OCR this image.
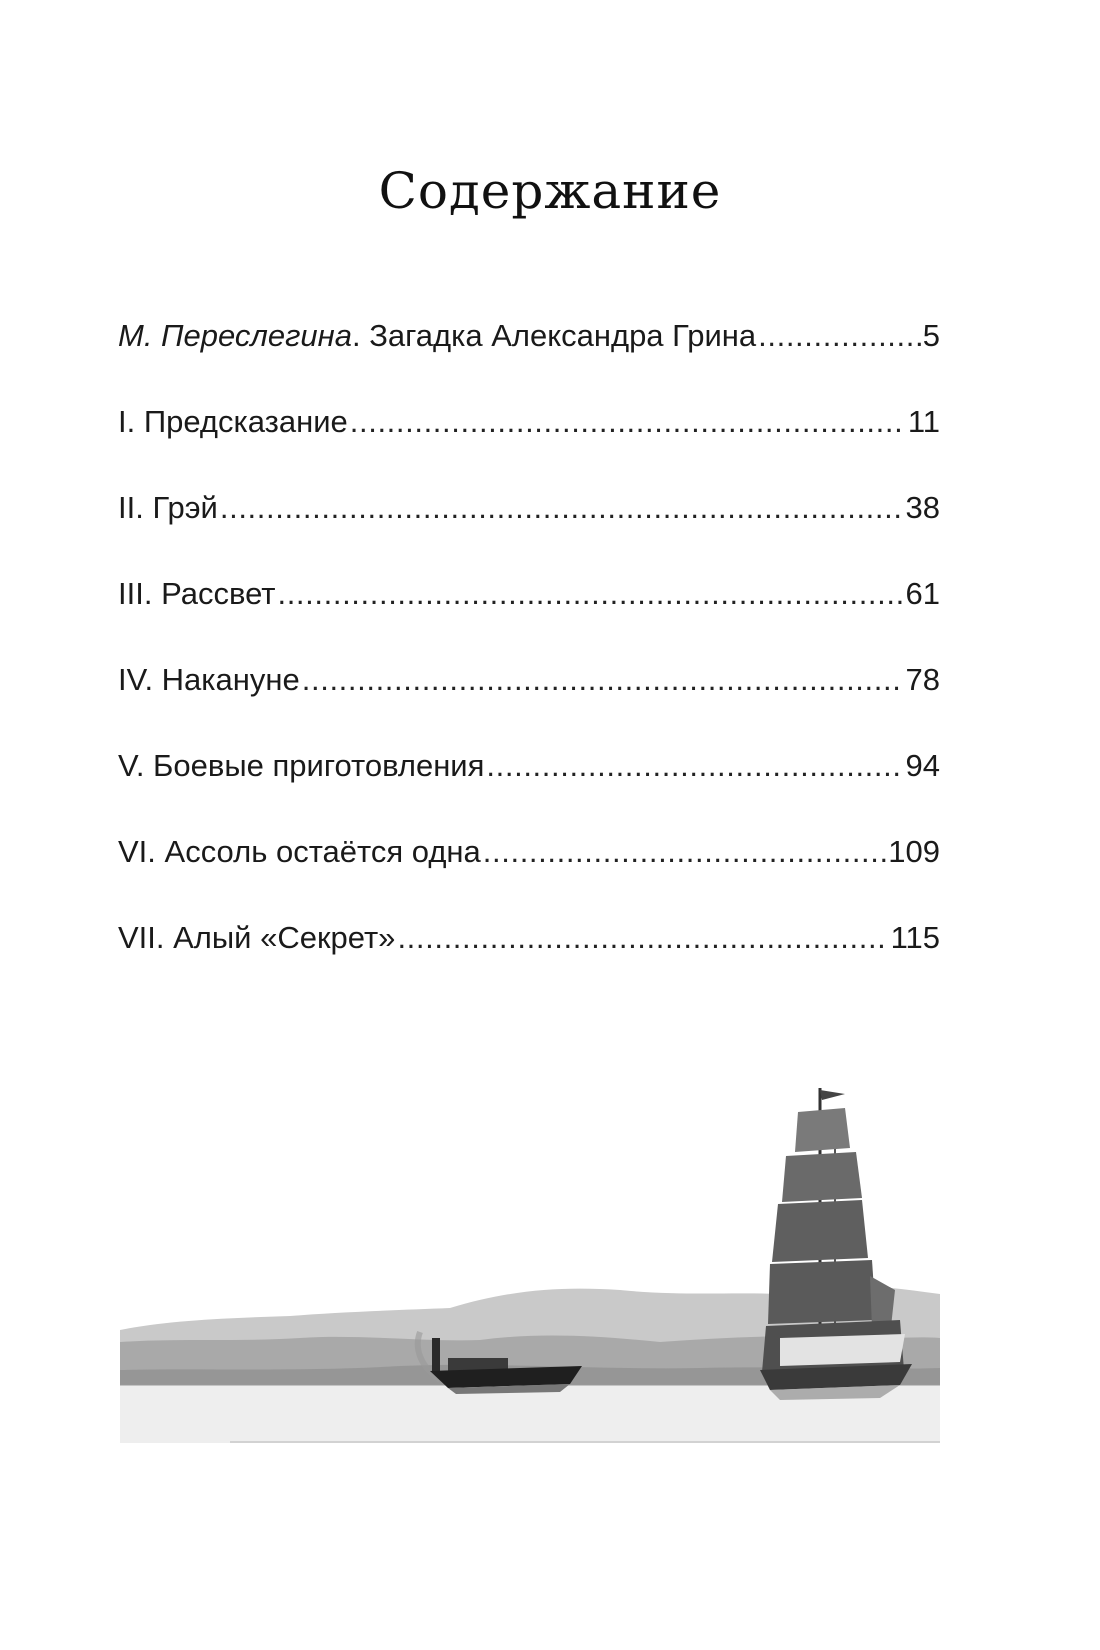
Содержание
М. Переслегина. Загадка Александра Грина . . .	5
I. Предсказание . . .	11
II. Грэй . . .	38
III. Рассвет . . .	61
IV. Накануне . . .	78
V. Боевые приготовления . . .	94
VI. Ассоль остаётся одна . . .	109
VII. Алый «Секрет» . . .	115
